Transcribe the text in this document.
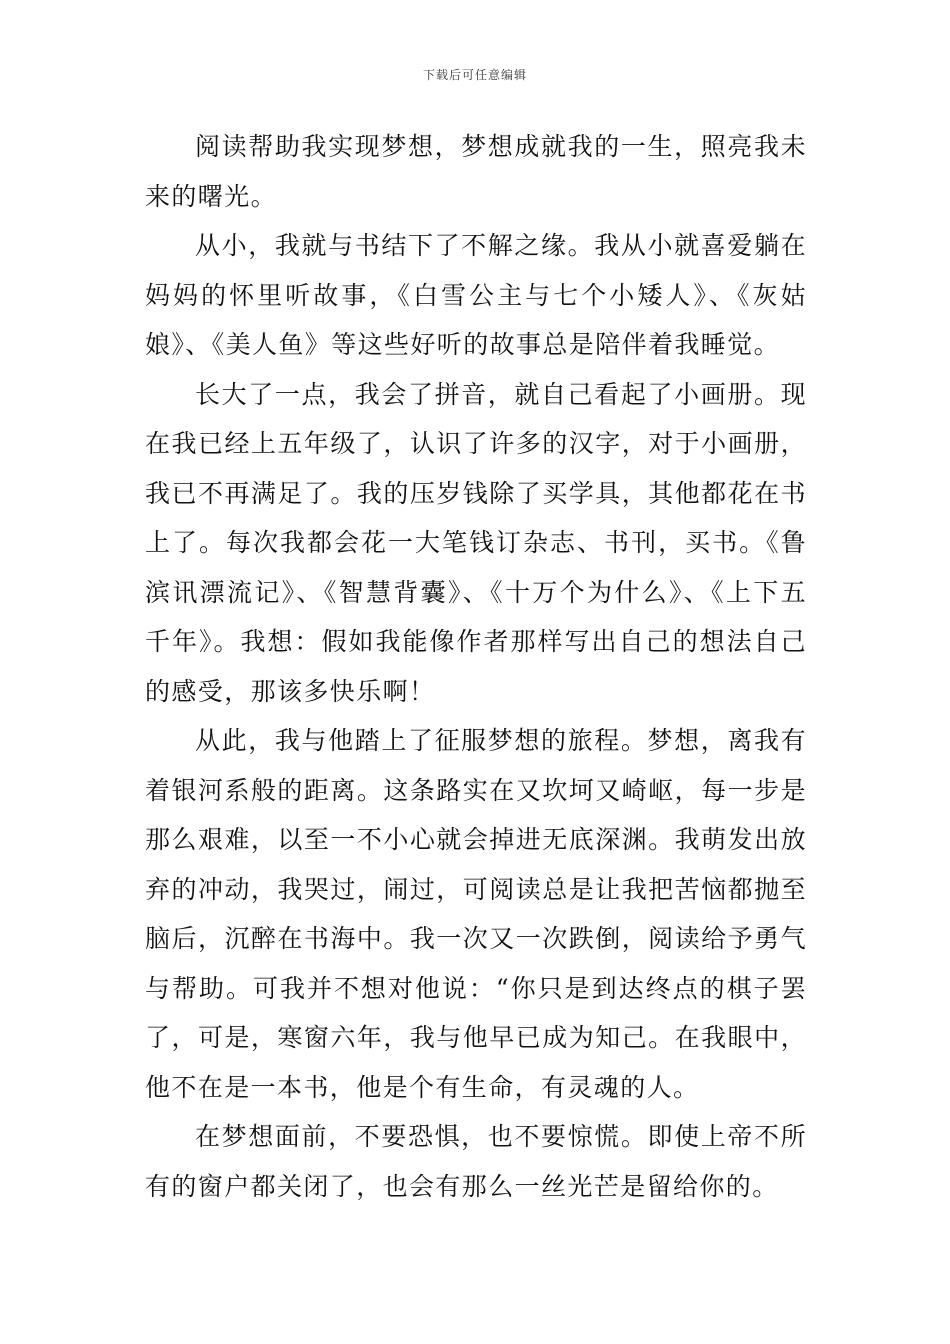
下载后可任意编辑

阅读帮助我实现梦想，梦想成就我的一生，照亮我未来的曙光。

从小，我就与书结下了不解之缘。我从小就喜爱躺在妈妈的怀里听故事，《白雪公主与七个小矮人》、《灰姑娘》、《美人鱼》等这些好听的故事总是陪伴着我睡觉。

长大了一点，我会了拼音，就自己看起了小画册。现在我已经上五年级了，认识了许多的汉字，对于小画册，我已不再满足了。我的压岁钱除了买学具，其他都花在书上了。每次我都会花一大笔钱订杂志、书刊，买书。《鲁滨讯漂流记》、《智慧背囊》、《十万个为什么》、《上下五千年》。我想：假如我能像作者那样写出自己的想法自己的感受，那该多快乐啊！

从此，我与他踏上了征服梦想的旅程。梦想，离我有着银河系般的距离。这条路实在又坎坷又崎岖，每一步是那么艰难，以至一不小心就会掉进无底深渊。我萌发出放弃的冲动，我哭过，闹过，可阅读总是让我把苦恼都抛至脑后，沉醉在书海中。我一次又一次跌倒，阅读给予勇气与帮助。可我并不想对他说：“你只是到达终点的棋子罢了，可是，寒窗六年，我与他早已成为知己。在我眼中，他不在是一本书，他是个有生命，有灵魂的人。

在梦想面前，不要恐惧，也不要惊慌。即使上帝不所有的窗户都关闭了，也会有那么一丝光芒是留给你的。
